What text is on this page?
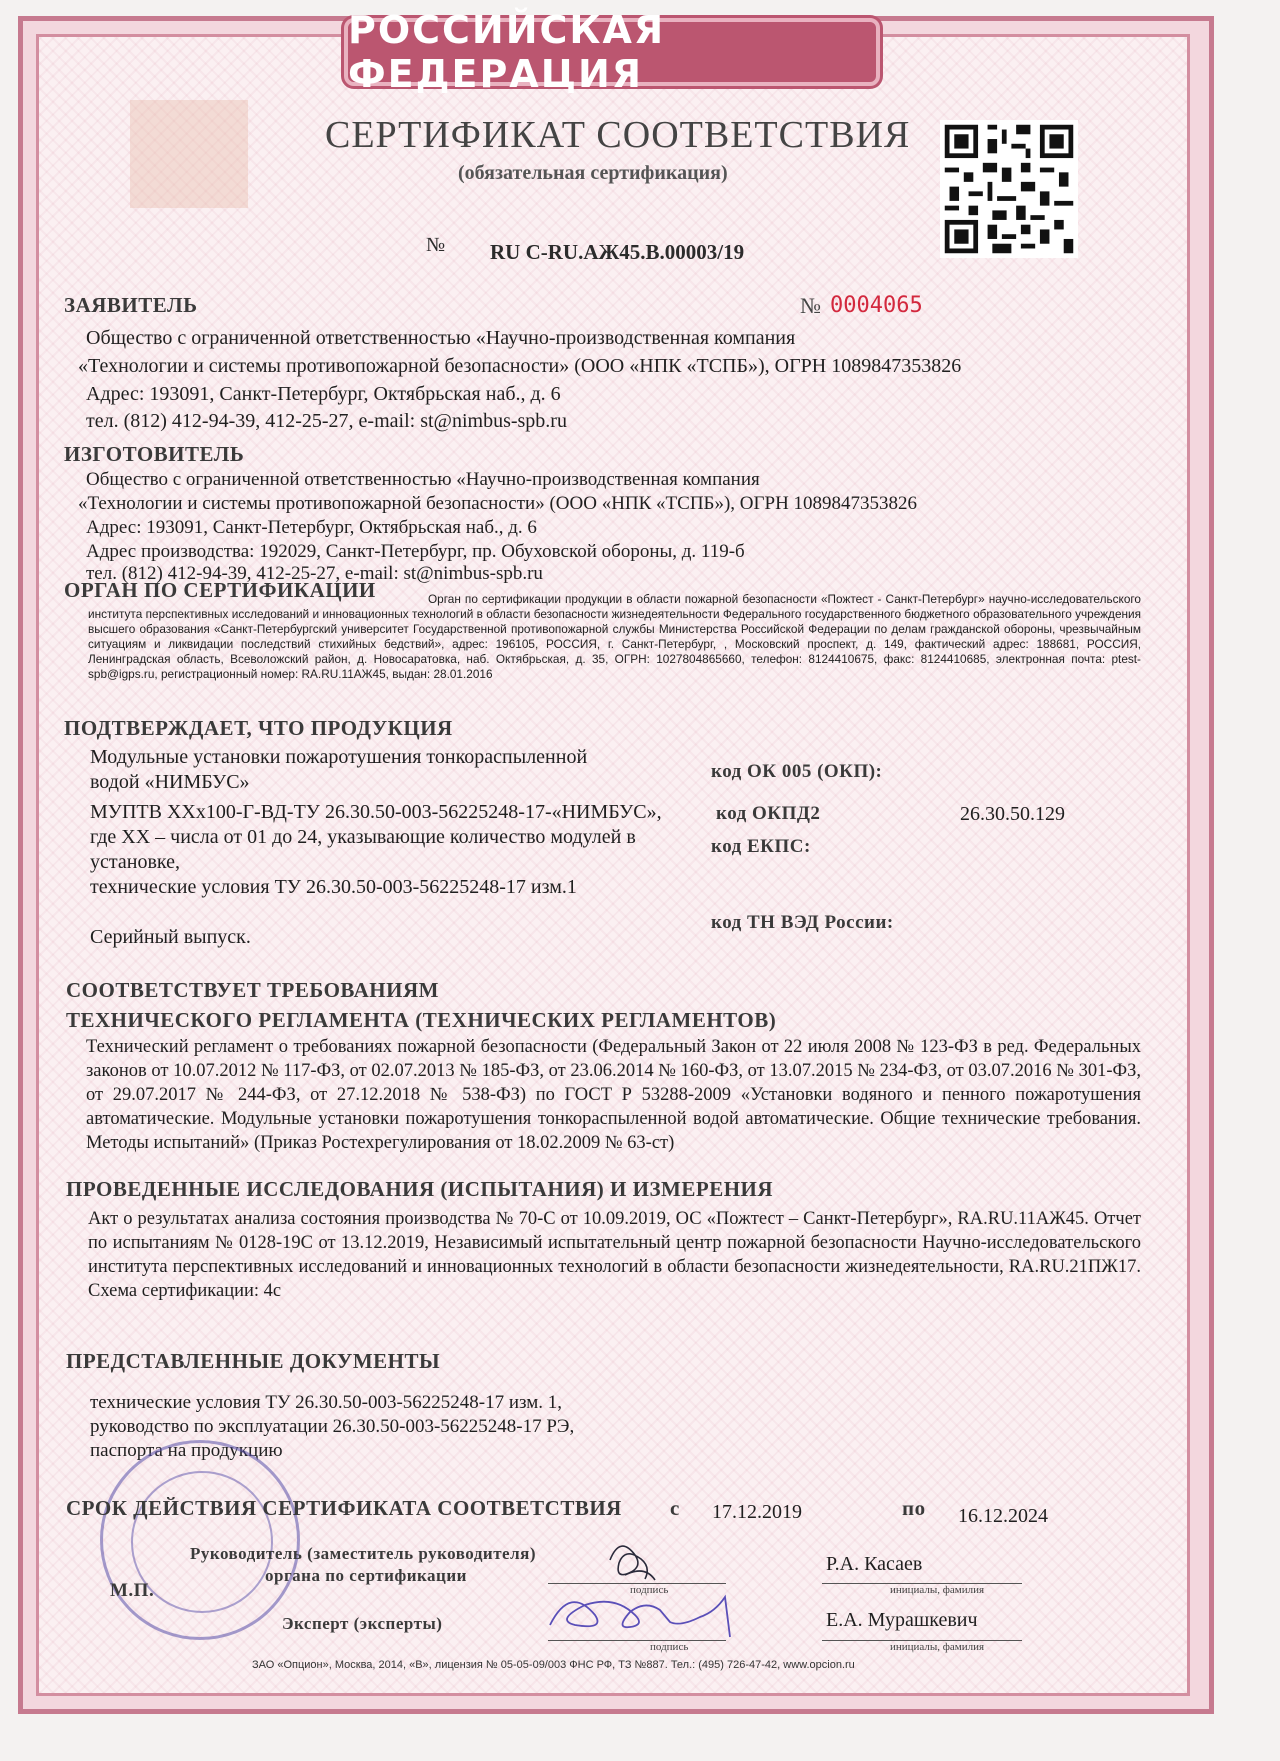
РОССИЙСКАЯ ФЕДЕРАЦИЯ
СЕРТИФИКАТ СООТВЕТСТВИЯ
(обязательная сертификация)
№ RU C-RU.АЖ45.B.00003/19
ЗАЯВИТЕЛЬ	№ 0004065
Общество с ограниченной ответственностью «Научно-производственная компания
«Технологии и системы противопожарной безопасности» (ООО «НПК «ТСПБ»), ОГРН 1089847353826
Адрес: 193091, Санкт-Петербург, Октябрьская наб., д. 6
тел. (812) 412-94-39, 412-25-27, e-mail: st@nimbus-spb.ru
ИЗГОТОВИТЕЛЬ
Общество с ограниченной ответственностью «Научно-производственная компания
«Технологии и системы противопожарной безопасности» (ООО «НПК «ТСПБ»), ОГРН 1089847353826
Адрес: 193091, Санкт-Петербург, Октябрьская наб., д. 6
Адрес производства: 192029, Санкт-Петербург, пр. Обуховской обороны, д. 119-б
тел. (812) 412-94-39, 412-25-27, e-mail: st@nimbus-spb.ru
ОРГАН ПО СЕРТИФИКАЦИИ	Орган по сертификации продукции в области пожарной безопасности «Пожтест - Санкт-Петербург» научно-исследовательского института перспективных исследований и инновационных технологий в области безопасности жизнедеятельности Федерального государственного бюджетного образовательного учреждения высшего образования «Санкт-Петербургский университет Государственной противопожарной службы Министерства Российской Федерации по делам гражданской обороны, чрезвычайным ситуациям и ликвидации последствий стихийных бедствий», адрес: 196105, РОССИЯ, г. Санкт-Петербург, , Московский проспект, д. 149, фактический адрес: 188681, РОССИЯ, Ленинградская область, Всеволожский район, д. Новосаратовка, наб. Октябрьская, д. 35, ОГРН: 1027804865660, телефон: 8124410675, факс: 8124410685, электронная почта: ptest-spb@igps.ru, регистрационный номер: RA.RU.11АЖ45, выдан: 28.01.2016
ПОДТВЕРЖДАЕТ, ЧТО ПРОДУКЦИЯ
Модульные установки пожаротушения тонкораспыленной
водой «НИМБУС»
МУПТВ XXx100-Г-ВД-ТУ 26.30.50-003-56225248-17-«НИМБУС»,
где XX – числа от 01 до 24, указывающие количество модулей в
установке,
технические условия ТУ 26.30.50-003-56225248-17 изм.1
Серийный выпуск.
код ОК 005 (ОКП):
код ОКПД2	26.30.50.129
код ЕКПС:
код ТН ВЭД России:
СООТВЕТСТВУЕТ ТРЕБОВАНИЯМ
ТЕХНИЧЕСКОГО РЕГЛАМЕНТА (ТЕХНИЧЕСКИХ РЕГЛАМЕНТОВ)
Технический регламент о требованиях пожарной безопасности (Федеральный Закон от 22 июля 2008 № 123-ФЗ в ред. Федеральных законов от 10.07.2012 № 117-ФЗ, от 02.07.2013 № 185-ФЗ, от 23.06.2014 № 160-ФЗ, от 13.07.2015 № 234-ФЗ, от 03.07.2016 № 301-ФЗ, от 29.07.2017 № 244-ФЗ, от 27.12.2018 № 538-ФЗ) по ГОСТ Р 53288-2009 «Установки водяного и пенного пожаротушения автоматические. Модульные установки пожаротушения тонкораспыленной водой автоматические. Общие технические требования. Методы испытаний» (Приказ Ростехрегулирования от 18.02.2009 № 63-ст)
ПРОВЕДЕННЫЕ ИССЛЕДОВАНИЯ (ИСПЫТАНИЯ) И ИЗМЕРЕНИЯ
Акт о результатах анализа состояния производства № 70-С от 10.09.2019, ОС «Пожтест – Санкт-Петербург», RA.RU.11АЖ45. Отчет по испытаниям № 0128-19С от 13.12.2019, Независимый испытательный центр пожарной безопасности Научно-исследовательского института перспективных исследований и инновационных технологий в области безопасности жизнедеятельности, RA.RU.21ПЖ17. Схема сертификации: 4с
ПРЕДСТАВЛЕННЫЕ ДОКУМЕНТЫ
технические условия ТУ 26.30.50-003-56225248-17 изм. 1,
руководство по эксплуатации 26.30.50-003-56225248-17 РЭ,
паспорта на продукцию
СРОК ДЕЙСТВИЯ СЕРТИФИКАТА СООТВЕТСТВИЯ с 17.12.2019	по 16.12.2024
Руководитель (заместитель руководителя)
органа по сертификации
М.П.
Эксперт (эксперты)
подпись
Р.А. Касаев
инициалы, фамилия
подпись
Е.А. Мурашкевич
инициалы, фамилия
ЗАО «Опцион», Москва, 2014, «B», лицензия № 05-05-09/003 ФНС РФ, ТЗ №887. Тел.: (495) 726-47-42, www.opcion.ru
